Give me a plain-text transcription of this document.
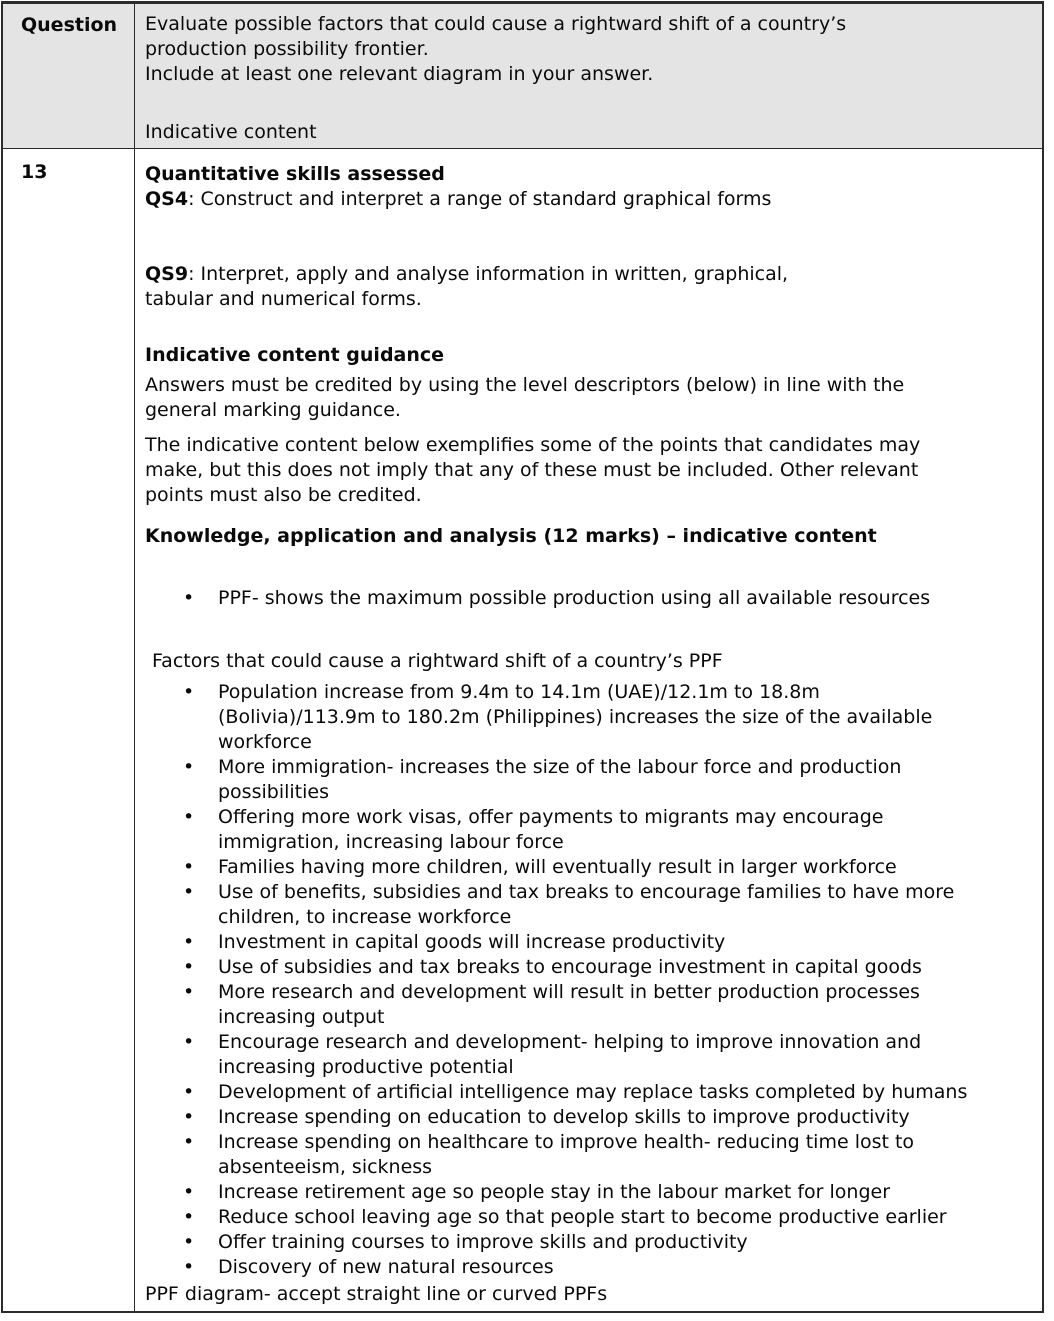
Question	Evaluate possible factors that could cause a rightward shift of a country’s
production possibility frontier.
Include at least one relevant diagram in your answer.
Indicative content
13	Quantitative skills assessed
QS4: Construct and interpret a range of standard graphical forms
QS9: Interpret, apply and analyse information in written, graphical,
tabular and numerical forms.
Indicative content guidance
Answers must be credited by using the level descriptors (below) in line with the
general marking guidance.
The indicative content below exemplifies some of the points that candidates may
make, but this does not imply that any of these must be included. Other relevant
points must also be credited.
Knowledge, application and analysis (12 marks) – indicative content
•	PPF- shows the maximum possible production using all available resources
Factors that could cause a rightward shift of a country’s PPF
•	Population increase from 9.4m to 14.1m (UAE)/12.1m to 18.8m
(Bolivia)/113.9m to 180.2m (Philippines) increases the size of the available
workforce
•	More immigration- increases the size of the labour force and production
possibilities
•	Offering more work visas, offer payments to migrants may encourage
immigration, increasing labour force
•	Families having more children, will eventually result in larger workforce
•	Use of benefits, subsidies and tax breaks to encourage families to have more
children, to increase workforce
•	Investment in capital goods will increase productivity
•	Use of subsidies and tax breaks to encourage investment in capital goods
•	More research and development will result in better production processes
increasing output
•	Encourage research and development- helping to improve innovation and
increasing productive potential
•	Development of artificial intelligence may replace tasks completed by humans
•	Increase spending on education to develop skills to improve productivity
•	Increase spending on healthcare to improve health- reducing time lost to
absenteeism, sickness
•	Increase retirement age so people stay in the labour market for longer
•	Reduce school leaving age so that people start to become productive earlier
•	Offer training courses to improve skills and productivity
•	Discovery of new natural resources
PPF diagram- accept straight line or curved PPFs
